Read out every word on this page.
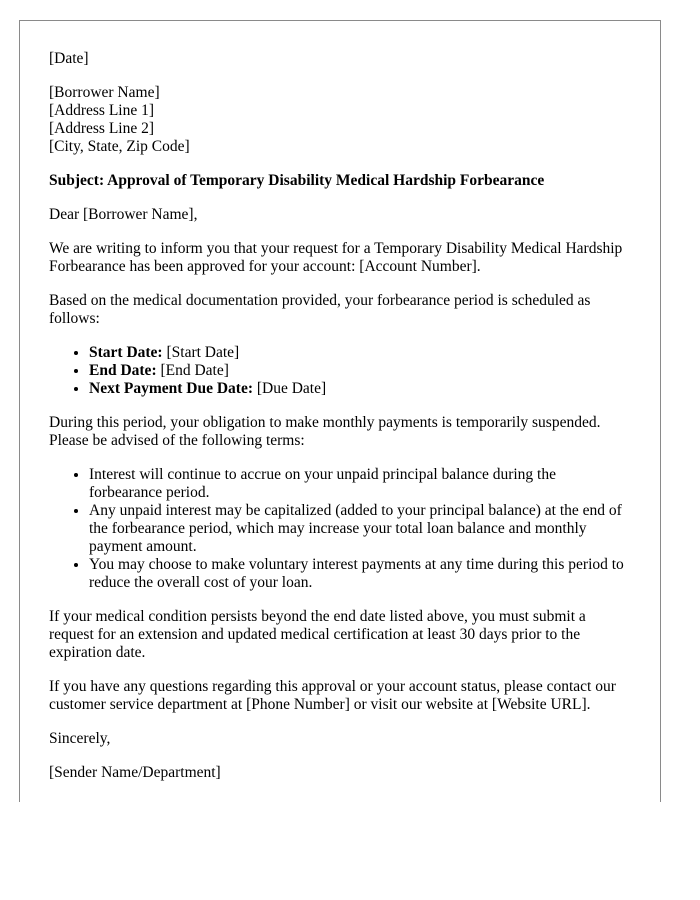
[Date]

[Borrower Name]

[Address Line 1]

[Address Line 2]

[City, State, Zip Code]

Subject: Approval of Temporary Disability Medical Hardship Forbearance

Dear [Borrower Name],

We are writing to inform you that your request for a Temporary Disability Medical Hardship Forbearance has been approved for your account: [Account Number].

Based on the medical documentation provided, your forbearance period is scheduled as follows:

• Start Date: [Start Date]
• End Date: [End Date]
• Next Payment Due Date: [Due Date]

During this period, your obligation to make monthly payments is temporarily suspended. Please be advised of the following terms:

• Interest will continue to accrue on your unpaid principal balance during the forbearance period.
• Any unpaid interest may be capitalized (added to your principal balance) at the end of the forbearance period, which may increase your total loan balance and monthly payment amount.
• You may choose to make voluntary interest payments at any time during this period to reduce the overall cost of your loan.

If your medical condition persists beyond the end date listed above, you must submit a request for an extension and updated medical certification at least 30 days prior to the expiration date.

If you have any questions regarding this approval or your account status, please contact our customer service department at [Phone Number] or visit our website at [Website URL].

Sincerely,

[Sender Name/Department]
